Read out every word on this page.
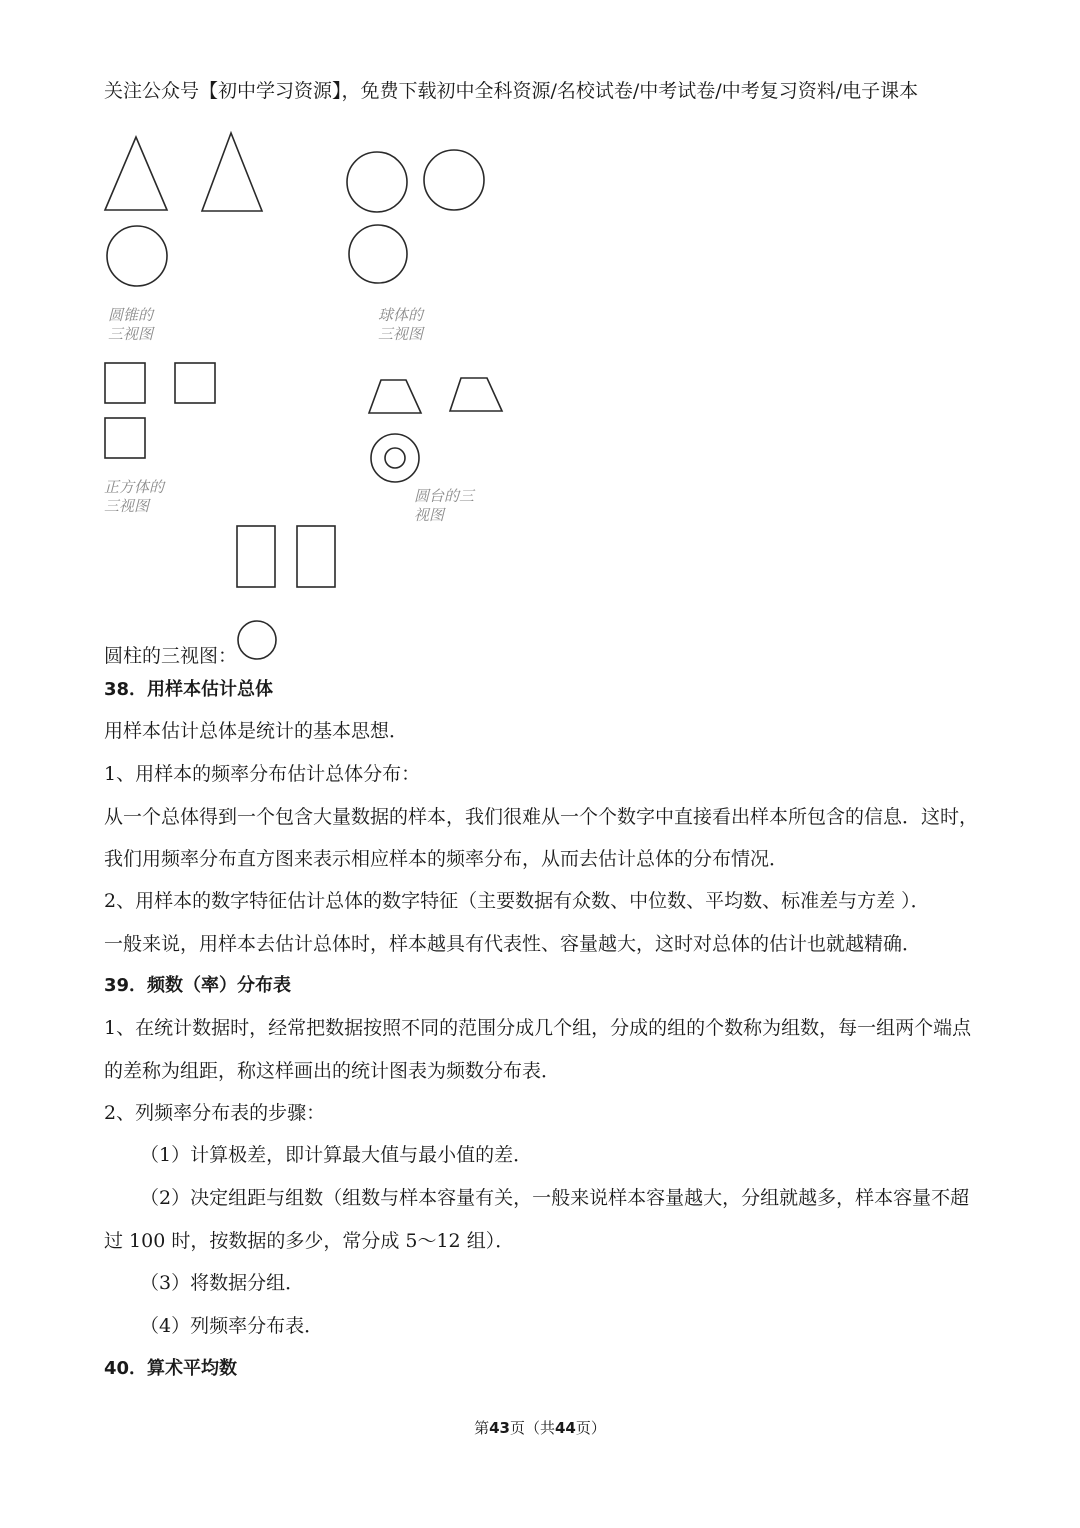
关注公众号【初中学习资源】，免费下载初中全科资源/名校试卷/中考试卷/中考复习资料/电子课本
圆锥的
三视图
球体的
三视图
正方体的
三视图
圆台的三
视图
圆柱的三视图：
38．用样本估计总体
用样本估计总体是统计的基本思想．
1、用样本的频率分布估计总体分布：
从一个总体得到一个包含大量数据的样本，我们很难从一个个数字中直接看出样本所包含的信息．这时，
我们用频率分布直方图来表示相应样本的频率分布，从而去估计总体的分布情况．
2、用样本的数字特征估计总体的数字特征（主要数据有众数、中位数、平均数、标准差与方差 ）．
一般来说，用样本去估计总体时，样本越具有代表性、容量越大，这时对总体的估计也就越精确．
39．频数（率）分布表
1、在统计数据时，经常把数据按照不同的范围分成几个组，分成的组的个数称为组数，每一组两个端点
的差称为组距，称这样画出的统计图表为频数分布表．
2、列频率分布表的步骤：
（1）计算极差，即计算最大值与最小值的差．
（2）决定组距与组数（组数与样本容量有关，一般来说样本容量越大，分组就越多，样本容量不超
过 100 时，按数据的多少，常分成 5～12 组）．
（3）将数据分组．
（4）列频率分布表．
40．算术平均数
第43页（共44页）
